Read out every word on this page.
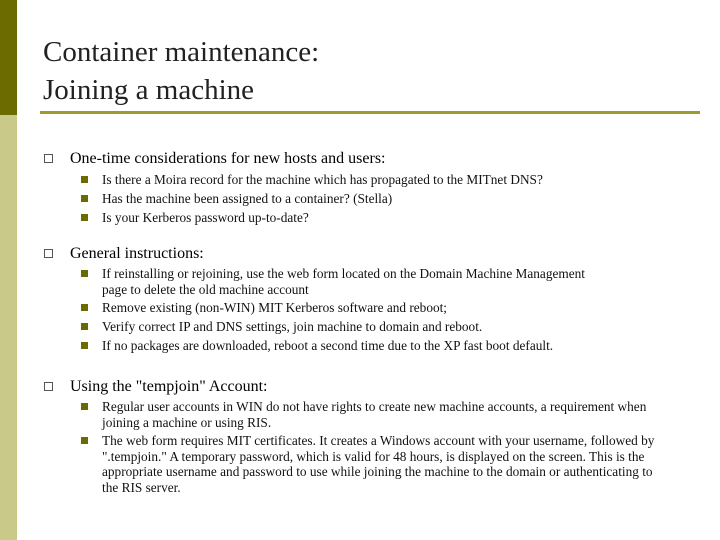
Container maintenance:
Joining a machine
One-time considerations for new hosts and users:
Is there a Moira record for the machine which has propagated to the MITnet DNS?
Has the machine been assigned to a container? (Stella)
Is your Kerberos password up-to-date?
General instructions:
If reinstalling or rejoining, use the web form located on the Domain Machine Management page to delete the old machine account
Remove existing (non-WIN) MIT Kerberos software and reboot;
Verify correct IP and DNS settings, join machine to domain and reboot.
If no packages are downloaded, reboot a second time due to the XP fast boot default.
Using the "tempjoin" Account:
Regular user accounts in WIN do not have rights to create new machine accounts, a requirement when joining a machine or using RIS.
The web form requires MIT certificates. It creates a Windows account with your username, followed by ".tempjoin." A temporary password, which is valid for 48 hours, is displayed on the screen. This is the appropriate username and password to use while joining the machine to the domain or authenticating to the RIS server.
